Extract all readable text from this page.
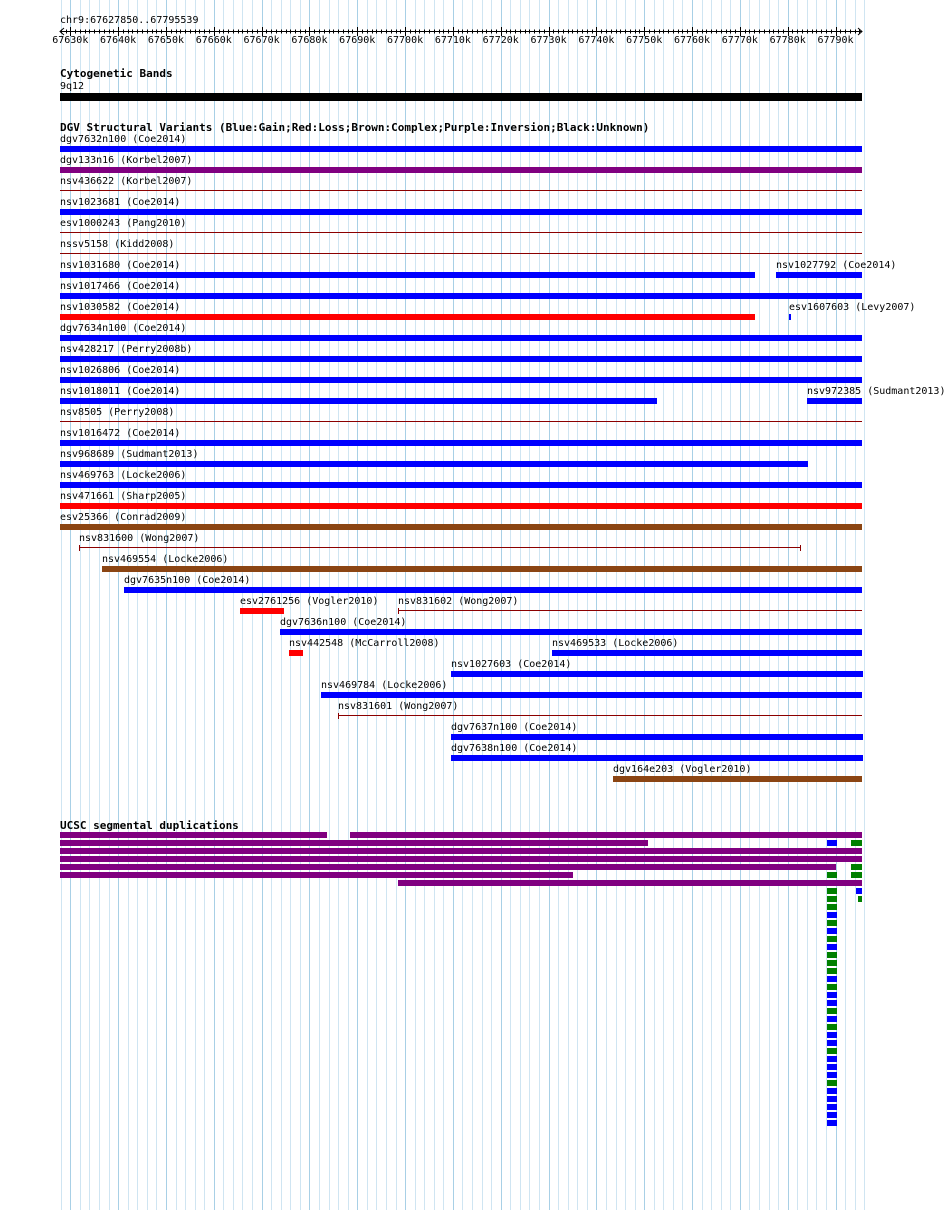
chr9:67627850..67795539
67630k 67640k 67650k 67660k 67670k 67680k 67690k 67700k 67710k 67720k 67730k 67740k 67750k 67760k 67770k 67780k 67790k
Cytogenetic Bands
9q12
DGV Structural Variants (Blue:Gain;Red:Loss;Brown:Complex;Purple:Inversion;Black:Unknown)
dgv7632n100 (Coe2014)
dgv133n16 (Korbel2007)
nsv436622 (Korbel2007)
nsv1023681 (Coe2014)
esv1000243 (Pang2010)
nssv5158 (Kidd2008)
nsv1031680 (Coe2014)	nsv1027792 (Coe2014)
nsv1017466 (Coe2014)
nsv1030582 (Coe2014)	esv1607603 (Levy2007)
dgv7634n100 (Coe2014)
nsv428217 (Perry2008b)
nsv1026806 (Coe2014)
nsv1018011 (Coe2014)	nsv972385 (Sudmant2013)
nsv8505 (Perry2008)
nsv1016472 (Coe2014)
nsv968689 (Sudmant2013)
nsv469763 (Locke2006)
nsv471661 (Sharp2005)
esv25366 (Conrad2009)
nsv831600 (Wong2007)
nsv469554 (Locke2006)
dgv7635n100 (Coe2014)
esv2761256 (Vogler2010) nsv831602 (Wong2007)
dgv7636n100 (Coe2014)
nsv442548 (McCarroll2008)
nsv1027603 (Coe2014)
nsv469784 (Locke2006)
nsv831601 (Wong2007)
dgv7637n100 (Coe2014)
dgv7638n100 (Coe2014)
nsv469533 (Locke2006)
dgv164e203 (Vogler2010)
UCSC segmental duplications
